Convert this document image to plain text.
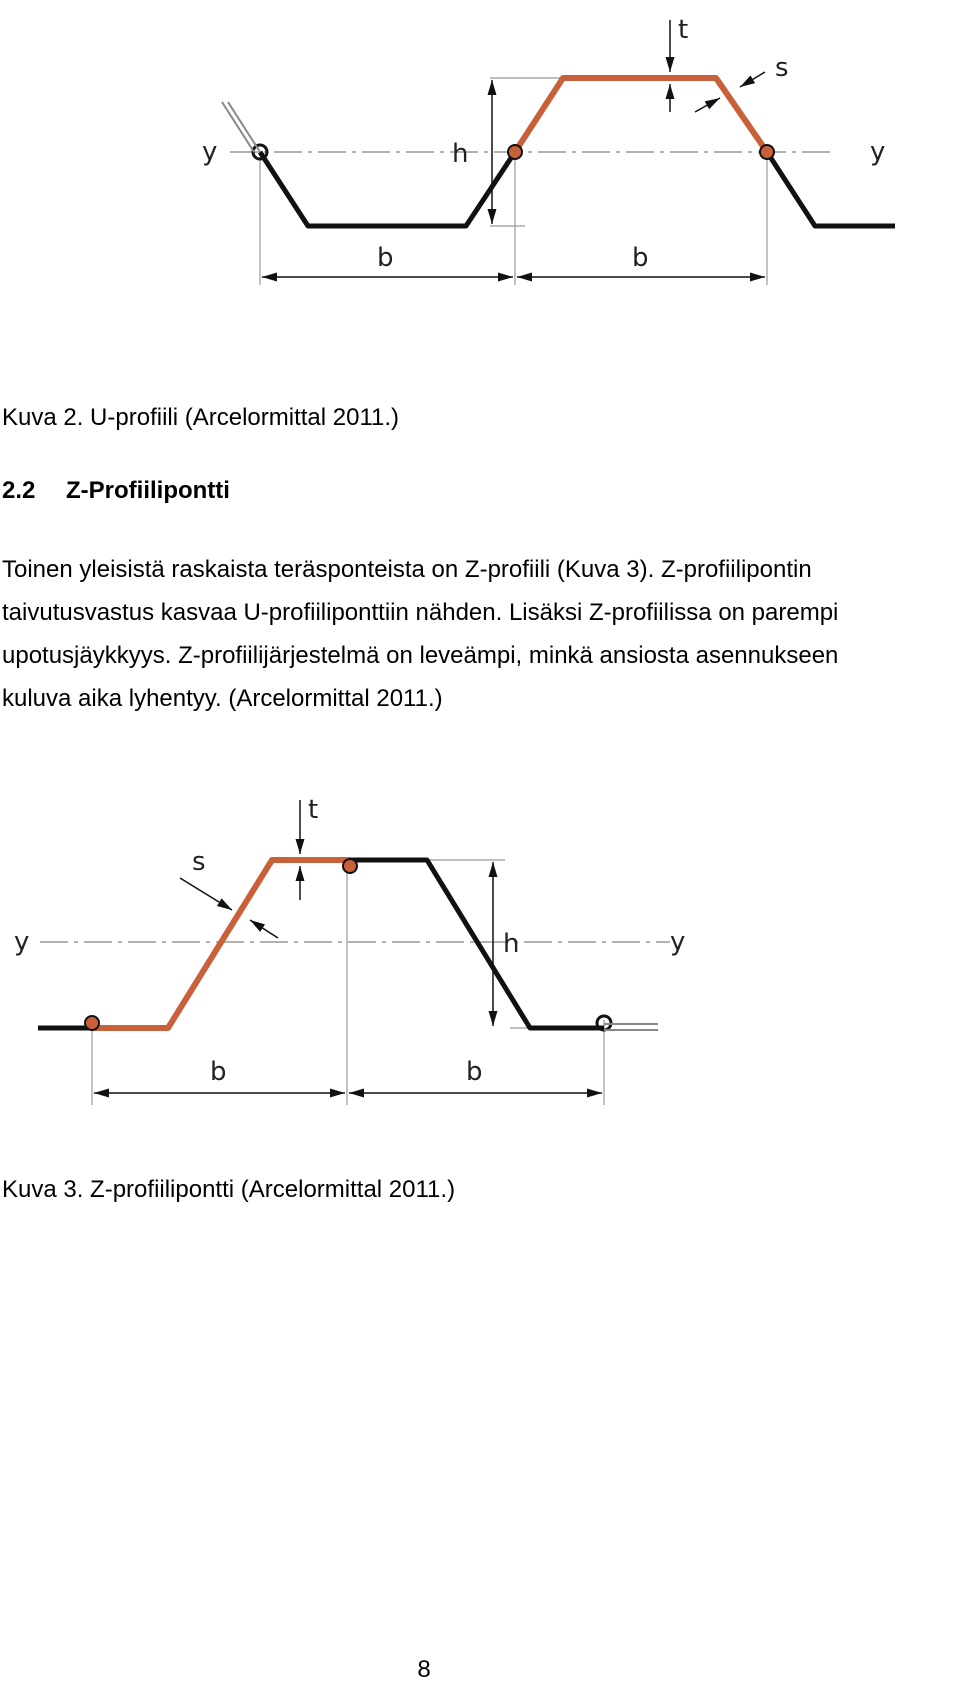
h
t
s
y	y
b	b
Kuva 2. U-profiili (Arcelormittal 2011.)
2.2 Z-Profiilipontti
Toinen yleisistä raskaista teräsponteista on Z-profiili (Kuva 3). Z-profiilipontin
taivutusvastus kasvaa U-profiiliponttiin nähden. Lisäksi Z-profiilissa on parempi
upotusjäykkyys. Z-profiilijärjestelmä on leveämpi, minkä ansiosta asennukseen
kuluva aika lyhentyy. (Arcelormittal 2011.)
h
t
s
y	y
b	b
Kuva 3. Z-profiilipontti (Arcelormittal 2011.)
8
